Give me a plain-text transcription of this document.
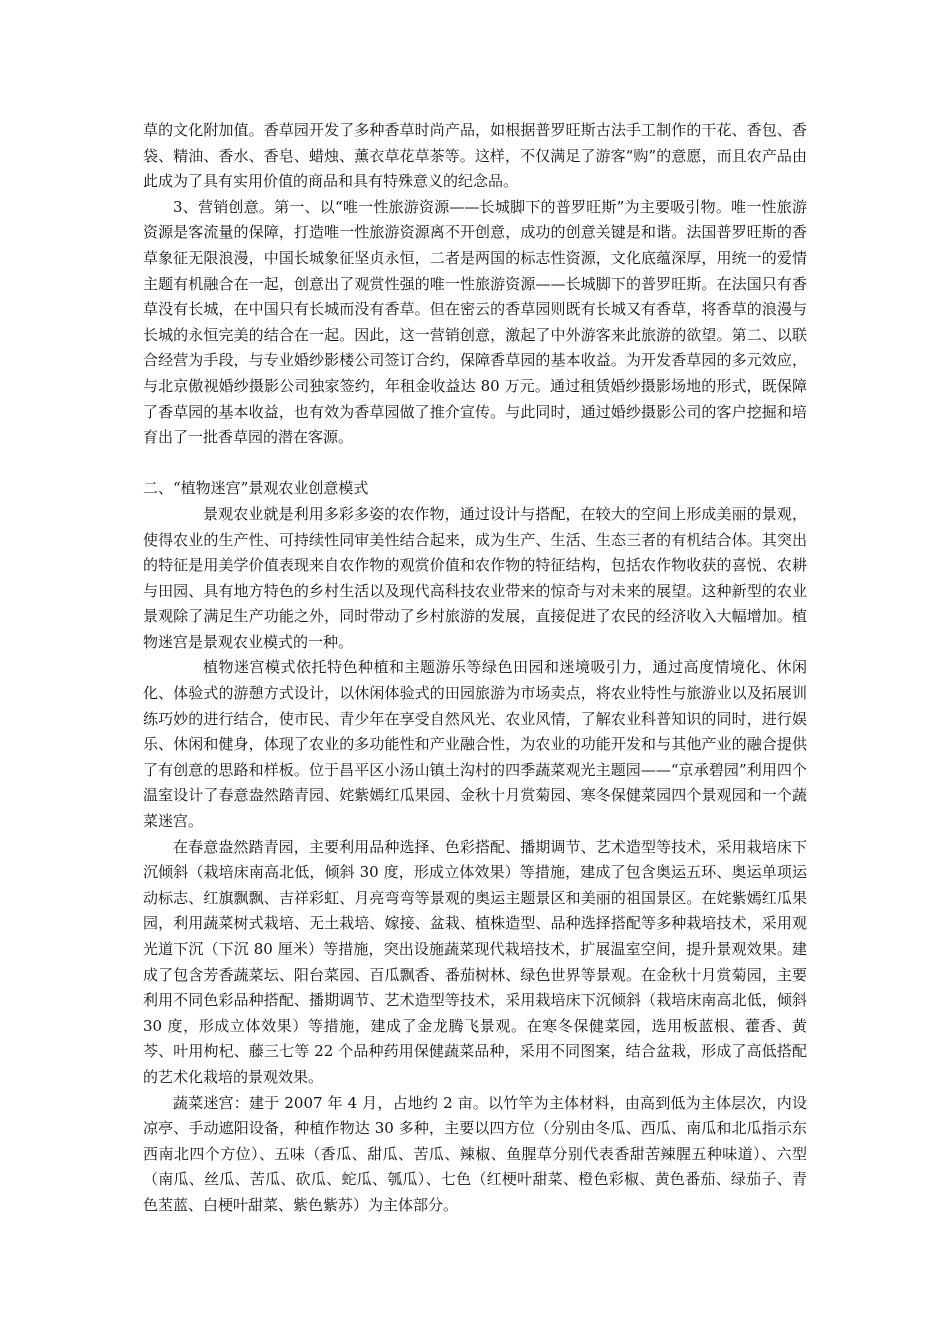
草的文化附加值。香草园开发了多种香草时尚产品，如根据普罗旺斯古法手工制作的干花、香包、香袋、精油、香水、香皂、蜡烛、薰衣草花草茶等。这样，不仅满足了游客“购”的意愿，而且农产品由此成为了具有实用价值的商品和具有特殊意义的纪念品。

3、营销创意。第一、以“唯一性旅游资源——长城脚下的普罗旺斯”为主要吸引物。唯一性旅游资源是客流量的保障，打造唯一性旅游资源离不开创意，成功的创意关键是和谐。法国普罗旺斯的香草象征无限浪漫，中国长城象征坚贞永恒，二者是两国的标志性资源，文化底蕴深厚，用统一的爱情主题有机融合在一起，创意出了观赏性强的唯一性旅游资源——长城脚下的普罗旺斯。在法国只有香草没有长城，在中国只有长城而没有香草。但在密云的香草园则既有长城又有香草，将香草的浪漫与长城的永恒完美的结合在一起。因此，这一营销创意，激起了中外游客来此旅游的欲望。第二、以联合经营为手段，与专业婚纱影楼公司签订合约，保障香草园的基本收益。为开发香草园的多元效应，与北京傲视婚纱摄影公司独家签约，年租金收益达 80 万元。通过租赁婚纱摄影场地的形式，既保障了香草园的基本收益，也有效为香草园做了推介宣传。与此同时，通过婚纱摄影公司的客户挖掘和培育出了一批香草园的潜在客源。

二、“植物迷宫”景观农业创意模式

景观农业就是利用多彩多姿的农作物，通过设计与搭配，在较大的空间上形成美丽的景观，使得农业的生产性、可持续性同审美性结合起来，成为生产、生活、生态三者的有机结合体。其突出的特征是用美学价值表现来自农作物的观赏价值和农作物的特征结构，包括农作物收获的喜悦、农耕与田园、具有地方特色的乡村生活以及现代高科技农业带来的惊奇与对未来的展望。这种新型的农业景观除了满足生产功能之外，同时带动了乡村旅游的发展，直接促进了农民的经济收入大幅增加。植物迷宫是景观农业模式的一种。

植物迷宫模式依托特色种植和主题游乐等绿色田园和迷境吸引力，通过高度情境化、休闲化、体验式的游憩方式设计，以休闲体验式的田园旅游为市场卖点，将农业特性与旅游业以及拓展训练巧妙的进行结合，使市民、青少年在享受自然风光、农业风情，了解农业科普知识的同时，进行娱乐、休闲和健身，体现了农业的多功能性和产业融合性，为农业的功能开发和与其他产业的融合提供了有创意的思路和样板。位于昌平区小汤山镇土沟村的四季蔬菜观光主题园——“京承碧园”利用四个温室设计了春意盎然踏青园、姹紫嫣红瓜果园、金秋十月赏菊园、寒冬保健菜园四个景观园和一个蔬菜迷宫。

在春意盎然踏青园，主要利用品种选择、色彩搭配、播期调节、艺术造型等技术，采用栽培床下沉倾斜（栽培床南高北低，倾斜 30 度，形成立体效果）等措施，建成了包含奥运五环、奥运单项运动标志、红旗飘飘、吉祥彩虹、月亮弯弯等景观的奥运主题景区和美丽的祖国景区。在姹紫嫣红瓜果园，利用蔬菜树式栽培、无土栽培、嫁接、盆栽、植株造型、品种选择搭配等多种栽培技术，采用观光道下沉（下沉 80 厘米）等措施，突出设施蔬菜现代栽培技术，扩展温室空间，提升景观效果。建成了包含芳香蔬菜坛、阳台菜园、百瓜飘香、番茄树林、绿色世界等景观。在金秋十月赏菊园，主要利用不同色彩品种搭配、播期调节、艺术造型等技术，采用栽培床下沉倾斜（栽培床南高北低，倾斜 30 度，形成立体效果）等措施，建成了金龙腾飞景观。在寒冬保健菜园，选用板蓝根、藿香、黄芩、叶用枸杞、藤三七等 22 个品种药用保健蔬菜品种，采用不同图案，结合盆栽，形成了高低搭配的艺术化栽培的景观效果。

蔬菜迷宫：建于 2007 年 4 月，占地约 2 亩。以竹竿为主体材料，由高到低为主体层次，内设凉亭、手动遮阳设备，种植作物达 30 多种，主要以四方位（分别由冬瓜、西瓜、南瓜和北瓜指示东西南北四个方位）、五味（香瓜、甜瓜、苦瓜、辣椒、鱼腥草分别代表香甜苦辣腥五种味道）、六型（南瓜、丝瓜、苦瓜、砍瓜、蛇瓜、瓠瓜）、七色（红梗叶甜菜、橙色彩椒、黄色番茄、绿茄子、青色苤蓝、白梗叶甜菜、紫色紫苏）为主体部分。
